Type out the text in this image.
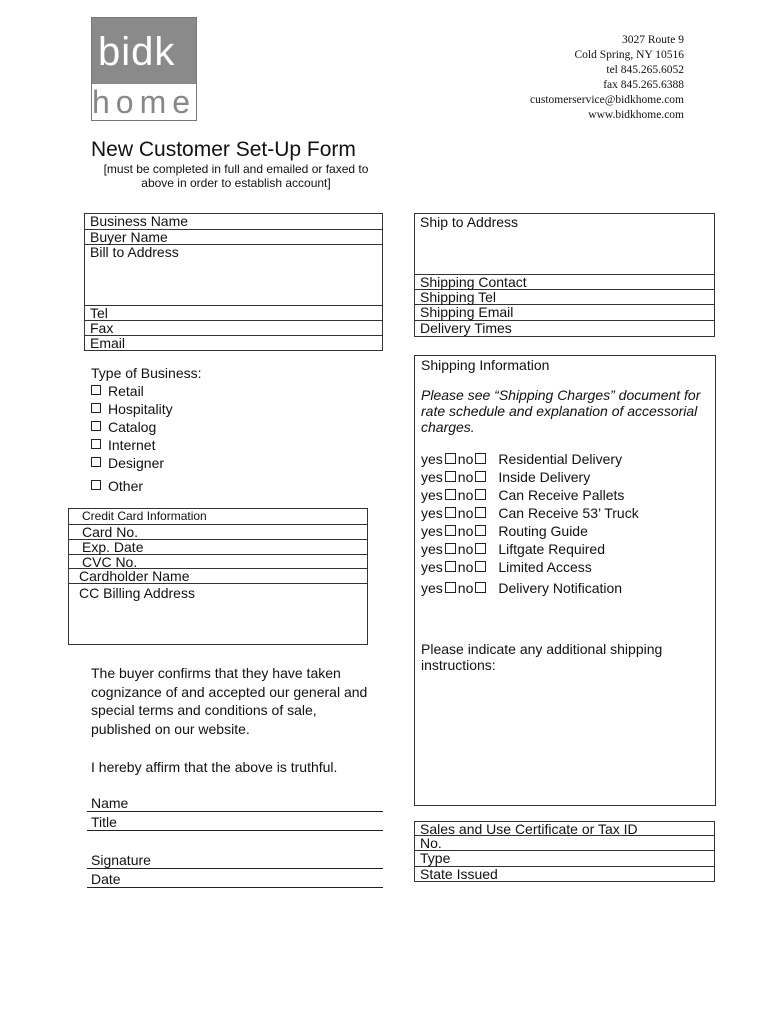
bidk
home
3027 Route 9
Cold Spring, NY 10516
tel 845.265.6052
fax 845.265.6388
customerservice@bidkhome.com
www.bidkhome.com
New Customer Set-Up Form
[must be completed in full and emailed or faxed to above in order to establish account]
Business Name
Buyer Name
Bill to Address
Tel
Fax
Email
Type of Business:
Retail
Hospitality
Catalog
Internet
Designer
Other
Credit Card Information
Card No.
Exp. Date
CVC No.
Cardholder Name
CC Billing Address
The buyer confirms that they have taken cognizance of and accepted our general and special terms and conditions of sale, published on our website.
I hereby affirm that the above is truthful.
Name
Title
Signature
Date
Ship to Address
Shipping Contact
Shipping Tel
Shipping Email
Delivery Times
Shipping Information
Please see “Shipping Charges” document for rate schedule and explanation of accessorial charges.
yes no Residential Delivery
yes no Inside Delivery
yes no Can Receive Pallets
yes no Can Receive 53’ Truck
yes no Routing Guide
yes no Liftgate Required
yes no Limited Access
yes no Delivery Notification
Please indicate any additional shipping instructions:
Sales and Use Certificate or Tax ID
No.
Type
State Issued
